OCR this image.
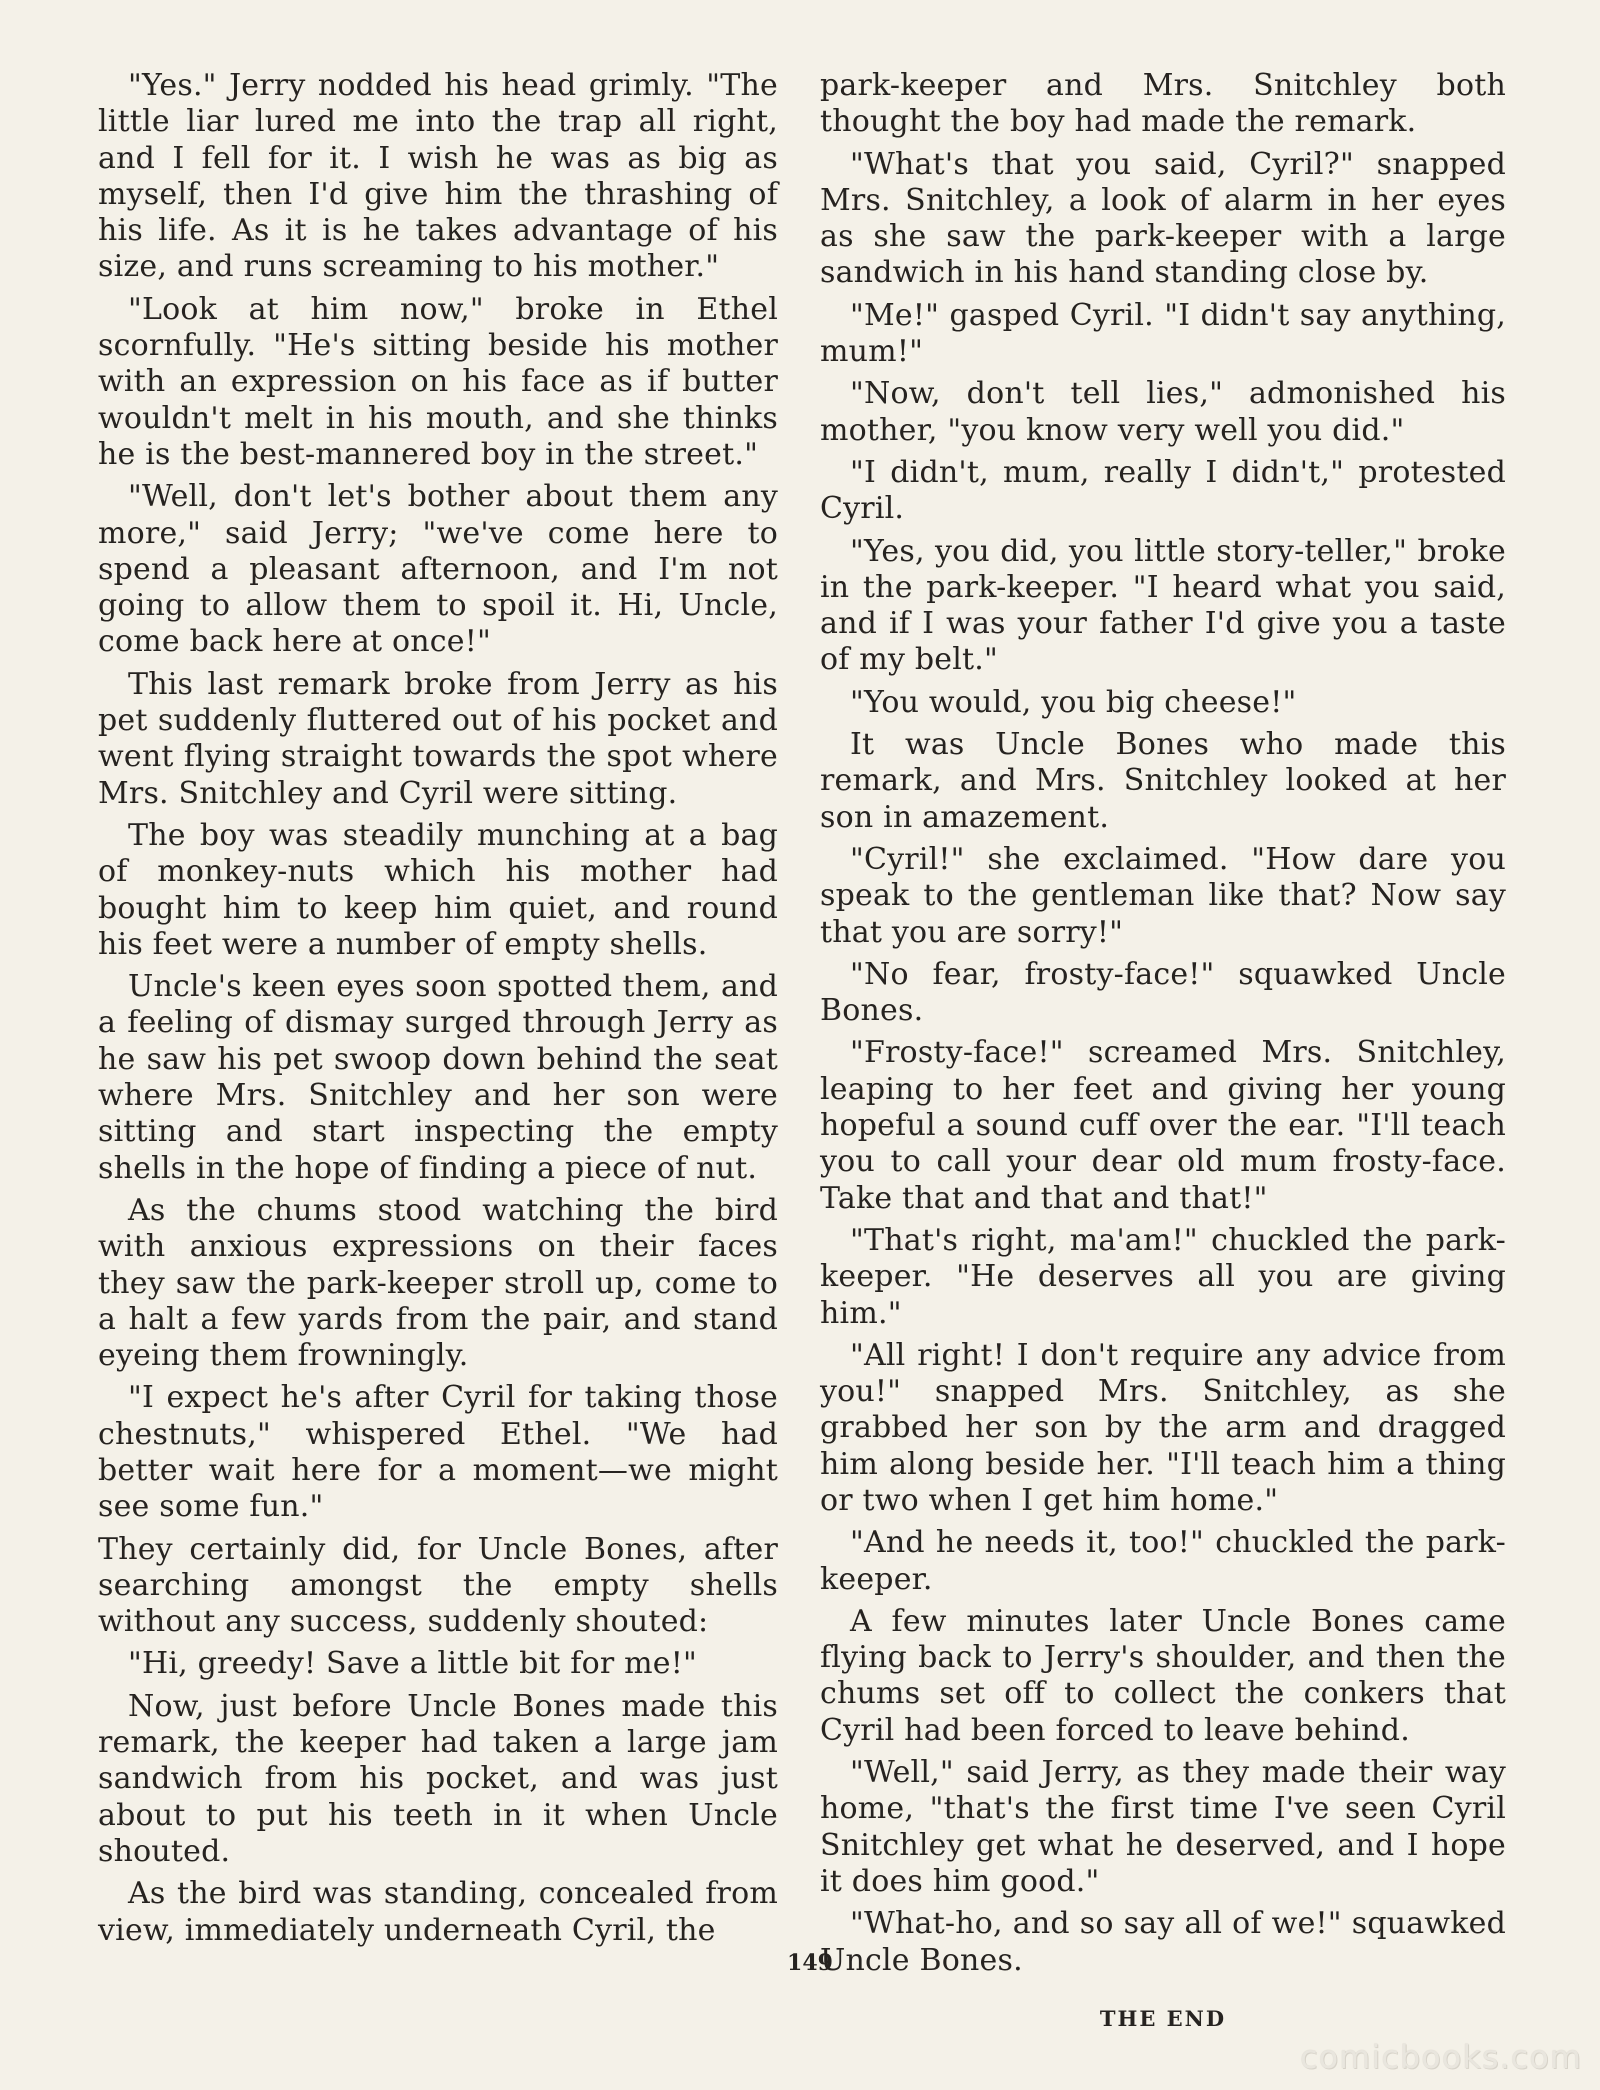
"Yes." Jerry nodded his head grimly. "The little liar lured me into the trap all right, and I fell for it. I wish he was as big as myself, then I'd give him the thrashing of his life. As it is he takes advantage of his size, and runs screaming to his mother."

"Look at him now," broke in Ethel scornfully. "He's sitting beside his mother with an expression on his face as if butter wouldn't melt in his mouth, and she thinks he is the best-mannered boy in the street."

"Well, don't let's bother about them any more," said Jerry; "we've come here to spend a pleasant afternoon, and I'm not going to allow them to spoil it. Hi, Uncle, come back here at once!"

This last remark broke from Jerry as his pet suddenly fluttered out of his pocket and went flying straight towards the spot where Mrs. Snitchley and Cyril were sitting.

The boy was steadily munching at a bag of monkey-nuts which his mother had bought him to keep him quiet, and round his feet were a number of empty shells.

Uncle's keen eyes soon spotted them, and a feeling of dismay surged through Jerry as he saw his pet swoop down behind the seat where Mrs. Snitchley and her son were sitting and start inspecting the empty shells in the hope of finding a piece of nut.

As the chums stood watching the bird with anxious expressions on their faces they saw the park-keeper stroll up, come to a halt a few yards from the pair, and stand eyeing them frowningly.

"I expect he's after Cyril for taking those chestnuts," whispered Ethel. "We had better wait here for a moment—we might see some fun."

They certainly did, for Uncle Bones, after searching amongst the empty shells without any success, suddenly shouted:

"Hi, greedy! Save a little bit for me!"

Now, just before Uncle Bones made this remark, the keeper had taken a large jam sandwich from his pocket, and was just about to put his teeth in it when Uncle shouted.

As the bird was standing, concealed from view, immediately underneath Cyril, the

park-keeper and Mrs. Snitchley both thought the boy had made the remark.

"What's that you said, Cyril?" snapped Mrs. Snitchley, a look of alarm in her eyes as she saw the park-keeper with a large sandwich in his hand standing close by.

"Me!" gasped Cyril. "I didn't say anything, mum!"

"Now, don't tell lies," admonished his mother, "you know very well you did."

"I didn't, mum, really I didn't," protested Cyril.

"Yes, you did, you little story-teller," broke in the park-keeper. "I heard what you said, and if I was your father I'd give you a taste of my belt."

"You would, you big cheese!"

It was Uncle Bones who made this remark, and Mrs. Snitchley looked at her son in amazement.

"Cyril!" she exclaimed. "How dare you speak to the gentleman like that? Now say that you are sorry!"

"No fear, frosty-face!" squawked Uncle Bones.

"Frosty-face!" screamed Mrs. Snitchley, leaping to her feet and giving her young hopeful a sound cuff over the ear. "I'll teach you to call your dear old mum frosty-face. Take that and that and that!"

"That's right, ma'am!" chuckled the park-keeper. "He deserves all you are giving him."

"All right! I don't require any advice from you!" snapped Mrs. Snitchley, as she grabbed her son by the arm and dragged him along beside her. "I'll teach him a thing or two when I get him home."

"And he needs it, too!" chuckled the park-keeper.

A few minutes later Uncle Bones came flying back to Jerry's shoulder, and then the chums set off to collect the conkers that Cyril had been forced to leave behind.

"Well," said Jerry, as they made their way home, "that's the first time I've seen Cyril Snitchley get what he deserved, and I hope it does him good."

"What-ho, and so say all of we!" squawked Uncle Bones.

THE END
149
comicbooks.com
